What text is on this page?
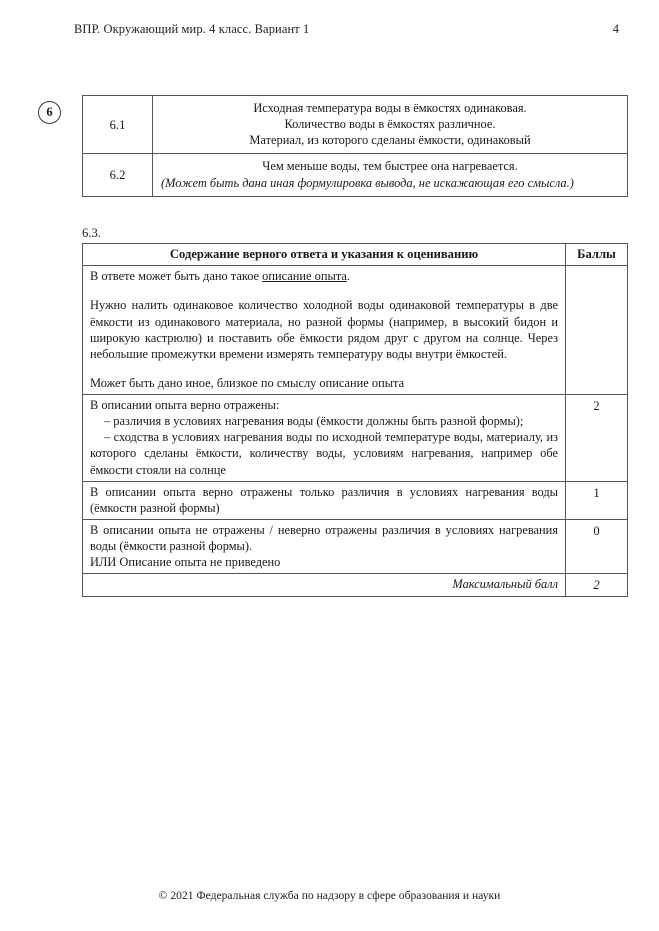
ВПР. Окружающий мир. 4 класс. Вариант 1	4
6
6.1	Исходная температура воды в ёмкостях одинаковая.
Количество воды в ёмкостях различное.
Материал, из которого сделаны ёмкости, одинаковый

6.2	Чем меньше воды, тем быстрее она нагревается.
(Может быть дана иная формулировка вывода, не искажающая его смысла.)
6.3.
Содержание верного ответа и указания к оцениванию	Баллы

В ответе может быть дано такое описание опыта.

Нужно налить одинаковое количество холодной воды одинаковой температуры в две ёмкости из одинакового материала, но разной формы (например, в высокий бидон и широкую кастрюлю) и поставить обе ёмкости рядом друг с другом на солнце. Через небольшие промежутки времени измерять температуру воды внутри ёмкостей.

Может быть дано иное, близкое по смыслу описание опыта	

В описании опыта верно отражены:

– различия в условиях нагревания воды (ёмкости должны быть разной формы);

– сходства в условиях нагревания воды по исходной температуре воды, материалу, из которого сделаны ёмкости, количеству воды, условиям нагревания, например обе ёмкости стояли на солнце	2

В описании опыта верно отражены только различия в условиях нагревания воды (ёмкости разной формы)	1

В описании опыта не отражены / неверно отражены различия в условиях нагревания воды (ёмкости разной формы).

ИЛИ Описание опыта не приведено	0
Максимальный балл	2
© 2021 Федеральная служба по надзору в сфере образования и науки
